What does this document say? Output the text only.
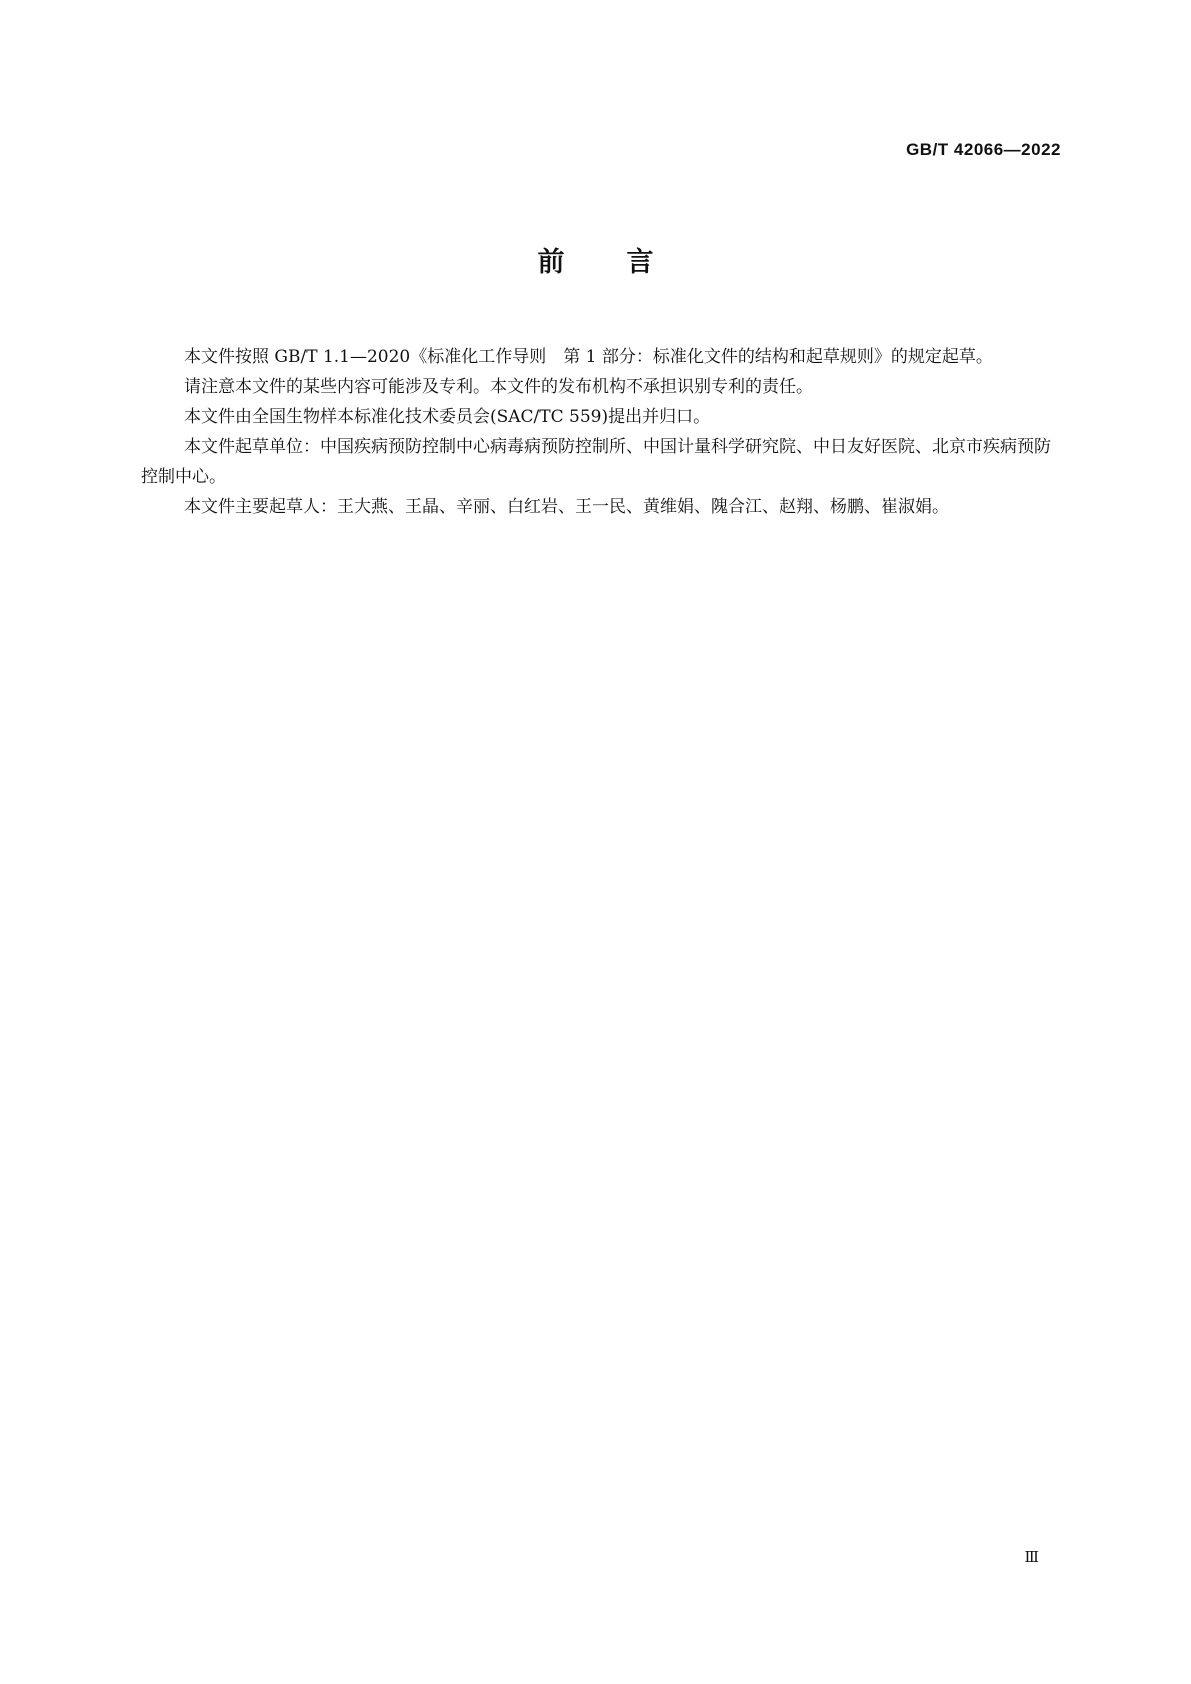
GB/T 42066—2022
前言

本文件按照 GB/T 1.1—2020《标准化工作导则　第 1 部分：标准化文件的结构和起草规则》的规定起草。

请注意本文件的某些内容可能涉及专利。本文件的发布机构不承担识别专利的责任。

本文件由全国生物样本标准化技术委员会(SAC/TC 559)提出并归口。

本文件起草单位：中国疾病预防控制中心病毒病预防控制所、中国计量科学研究院、中日友好医院、北京市疾病预防控制中心。

本文件主要起草人：王大燕、王晶、辛丽、白红岩、王一民、黄维娟、隗合江、赵翔、杨鹏、崔淑娟。

Ⅲ
